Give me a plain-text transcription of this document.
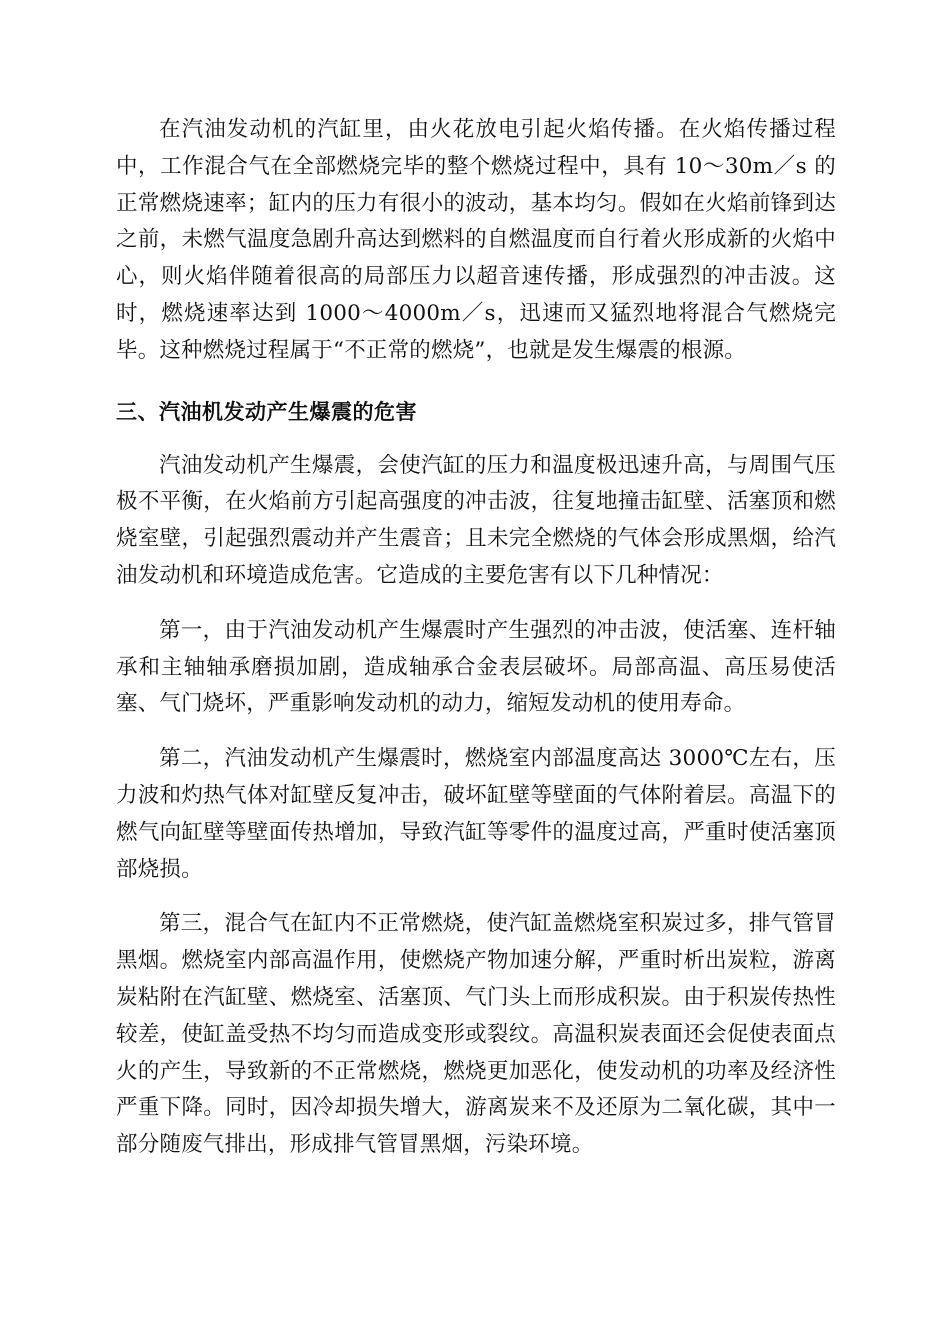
在汽油发动机的汽缸里，由火花放电引起火焰传播。在火焰传播过程中，工作混合气在全部燃烧完毕的整个燃烧过程中，具有 10～30m／s 的正常燃烧速率；缸内的压力有很小的波动，基本均匀。假如在火焰前锋到达之前，未燃气温度急剧升高达到燃料的自燃温度而自行着火形成新的火焰中心，则火焰伴随着很高的局部压力以超音速传播，形成强烈的冲击波。这时，燃烧速率达到 1000～4000m／s，迅速而又猛烈地将混合气燃烧完毕。这种燃烧过程属于“不正常的燃烧”，也就是发生爆震的根源。

三、汽油机发动产生爆震的危害

汽油发动机产生爆震，会使汽缸的压力和温度极迅速升高，与周围气压极不平衡，在火焰前方引起高强度的冲击波，往复地撞击缸壁、活塞顶和燃烧室壁，引起强烈震动并产生震音；且未完全燃烧的气体会形成黑烟，给汽油发动机和环境造成危害。它造成的主要危害有以下几种情况：

第一，由于汽油发动机产生爆震时产生强烈的冲击波，使活塞、连杆轴承和主轴轴承磨损加剧，造成轴承合金表层破坏。局部高温、高压易使活塞、气门烧坏，严重影响发动机的动力，缩短发动机的使用寿命。

第二，汽油发动机产生爆震时，燃烧室内部温度高达 3000℃左右，压力波和灼热气体对缸壁反复冲击，破坏缸壁等壁面的气体附着层。高温下的燃气向缸壁等壁面传热增加，导致汽缸等零件的温度过高，严重时使活塞顶部烧损。

第三，混合气在缸内不正常燃烧，使汽缸盖燃烧室积炭过多，排气管冒黑烟。燃烧室内部高温作用，使燃烧产物加速分解，严重时析出炭粒，游离炭粘附在汽缸壁、燃烧室、活塞顶、气门头上而形成积炭。由于积炭传热性较差，使缸盖受热不均匀而造成变形或裂纹。高温积炭表面还会促使表面点火的产生，导致新的不正常燃烧，燃烧更加恶化，使发动机的功率及经济性严重下降。同时，因冷却损失增大，游离炭来不及还原为二氧化碳，其中一部分随废气排出，形成排气管冒黑烟，污染环境。
